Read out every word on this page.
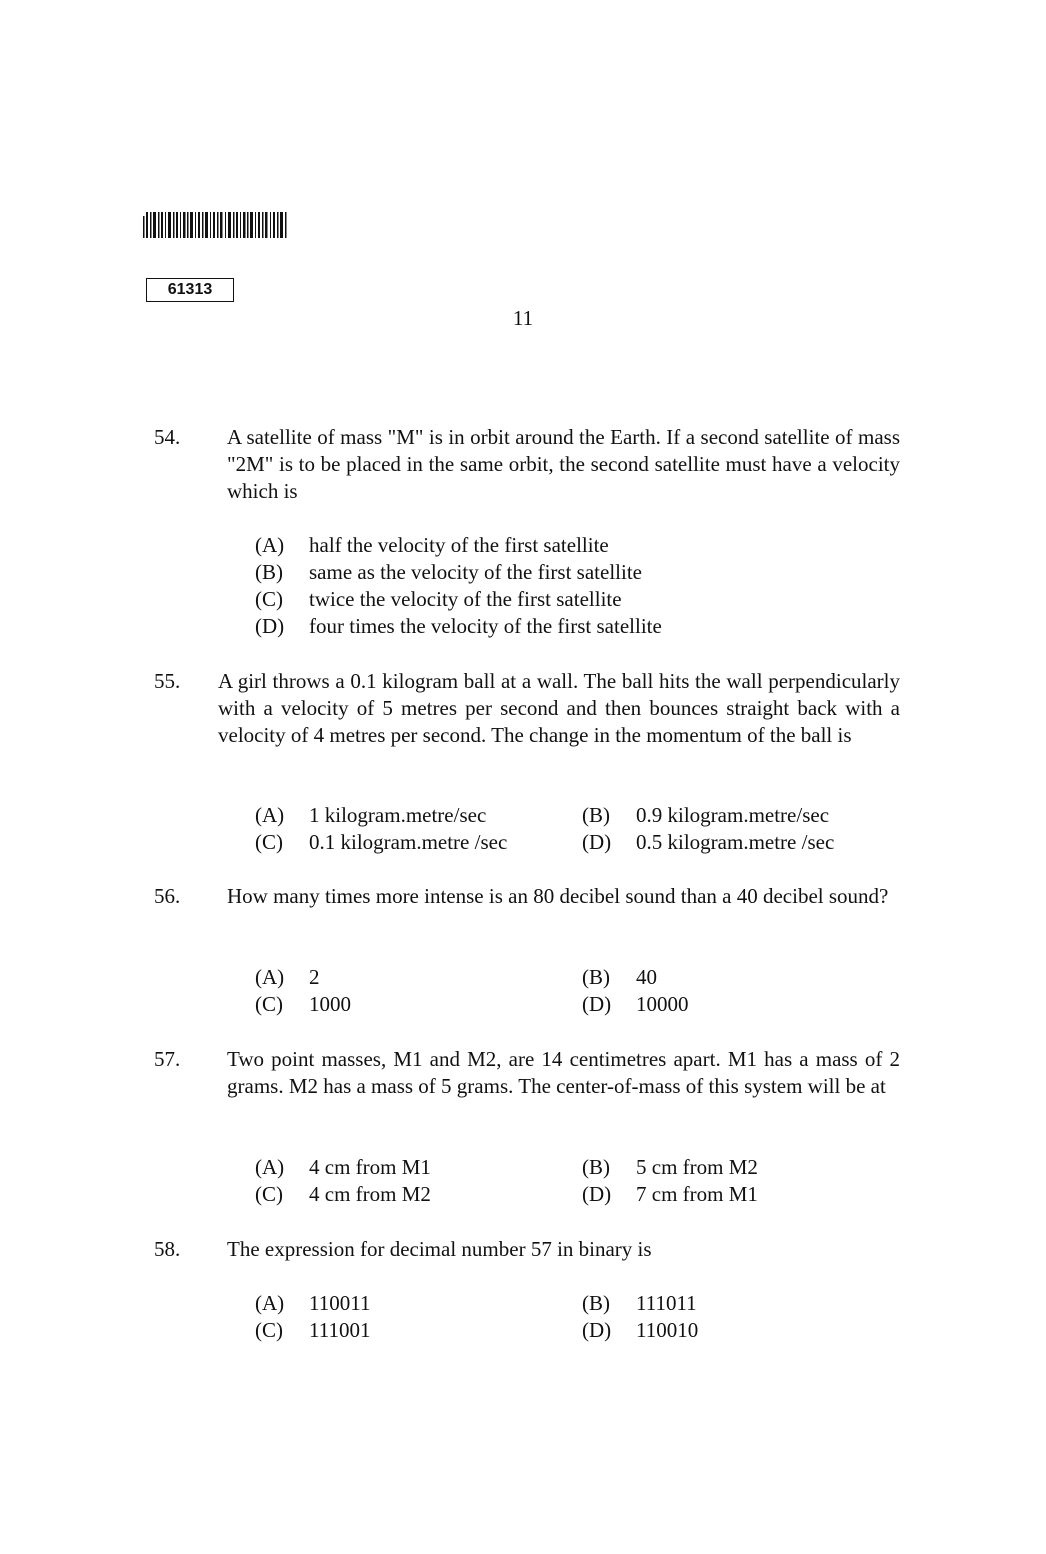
61313
11
54. A satellite of mass "M" is in orbit around the Earth. If a second satellite of mass "2M" is to be placed in the same orbit, the second satellite must have a velocity which is

(A) half the velocity of the first satellite
(B) same as the velocity of the first satellite
(C) twice the velocity of the first satellite
(D) four times the velocity of the first satellite
55. A girl throws a 0.1 kilogram ball at a wall. The ball hits the wall perpendicularly with a velocity of 5 metres per second and then bounces straight back with a velocity of 4 metres per second. The change in the momentum of the ball is

(A) 1 kilogram.metre/sec	(B) 0.9 kilogram.metre/sec
(C) 0.1 kilogram.metre /sec	(D) 0.5 kilogram.metre /sec
56. How many times more intense is an 80 decibel sound than a 40 decibel sound?

(A) 2	(B) 40
(C) 1000	(D) 10000
57. Two point masses, M1 and M2, are 14 centimetres apart. M1 has a mass of 2 grams. M2 has a mass of 5 grams. The center-of-mass of this system will be at

(A) 4 cm from M1	(B) 5 cm from M2
(C) 4 cm from M2	(D) 7 cm from M1
58. The expression for decimal number 57 in binary is

(A) 110011	(B) 111011
(C) 111001	(D) 110010
